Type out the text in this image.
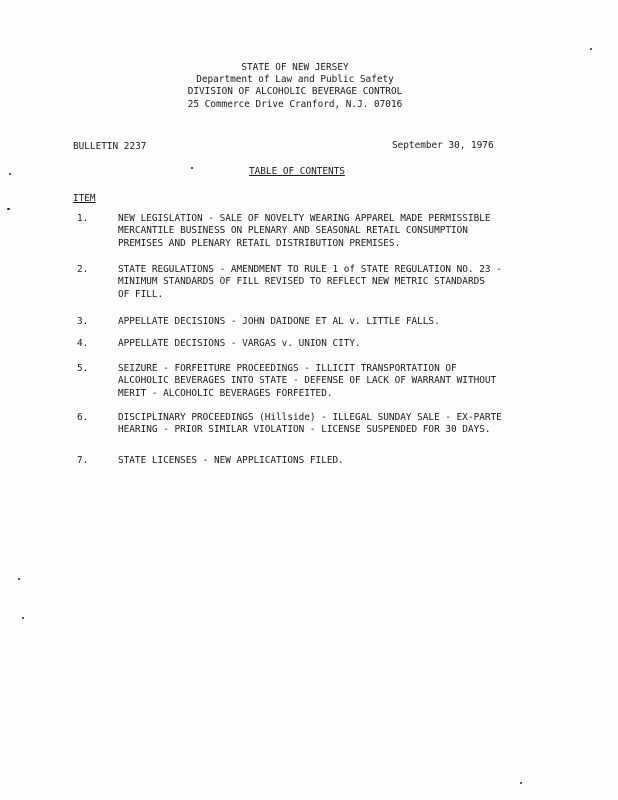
STATE OF NEW JERSEY
Department of Law and Public Safety
DIVISION OF ALCOHOLIC BEVERAGE CONTROL
25 Commerce Drive Cranford, N.J. 07016
BULLETIN 2237	September 30, 1976
TABLE OF CONTENTS
ITEM
1.	NEW LEGISLATION - SALE OF NOVELTY WEARING APPAREL MADE PERMISSIBLE
MERCANTILE BUSINESS ON PLENARY AND SEASONAL RETAIL CONSUMPTION
PREMISES AND PLENARY RETAIL DISTRIBUTION PREMISES.
2.	STATE REGULATIONS - AMENDMENT TO RULE 1 of STATE REGULATION NO. 23 -
MINIMUM STANDARDS OF FILL REVISED TO REFLECT NEW METRIC STANDARDS
OF FILL.
3.	APPELLATE DECISIONS - JOHN DAIDONE ET AL v. LITTLE FALLS.
4.	APPELLATE DECISIONS - VARGAS v. UNION CITY.
5.	SEIZURE - FORFEITURE PROCEEDINGS - ILLICIT TRANSPORTATION OF
ALCOHOLIC BEVERAGES INTO STATE - DEFENSE OF LACK OF WARRANT WITHOUT
MERIT - ALCOHOLIC BEVERAGES FORFEITED.
6.	DISCIPLINARY PROCEEDINGS (Hillside) - ILLEGAL SUNDAY SALE - EX-PARTE
HEARING - PRIOR SIMILAR VIOLATION - LICENSE SUSPENDED FOR 30 DAYS.
7.	STATE LICENSES - NEW APPLICATIONS FILED.
